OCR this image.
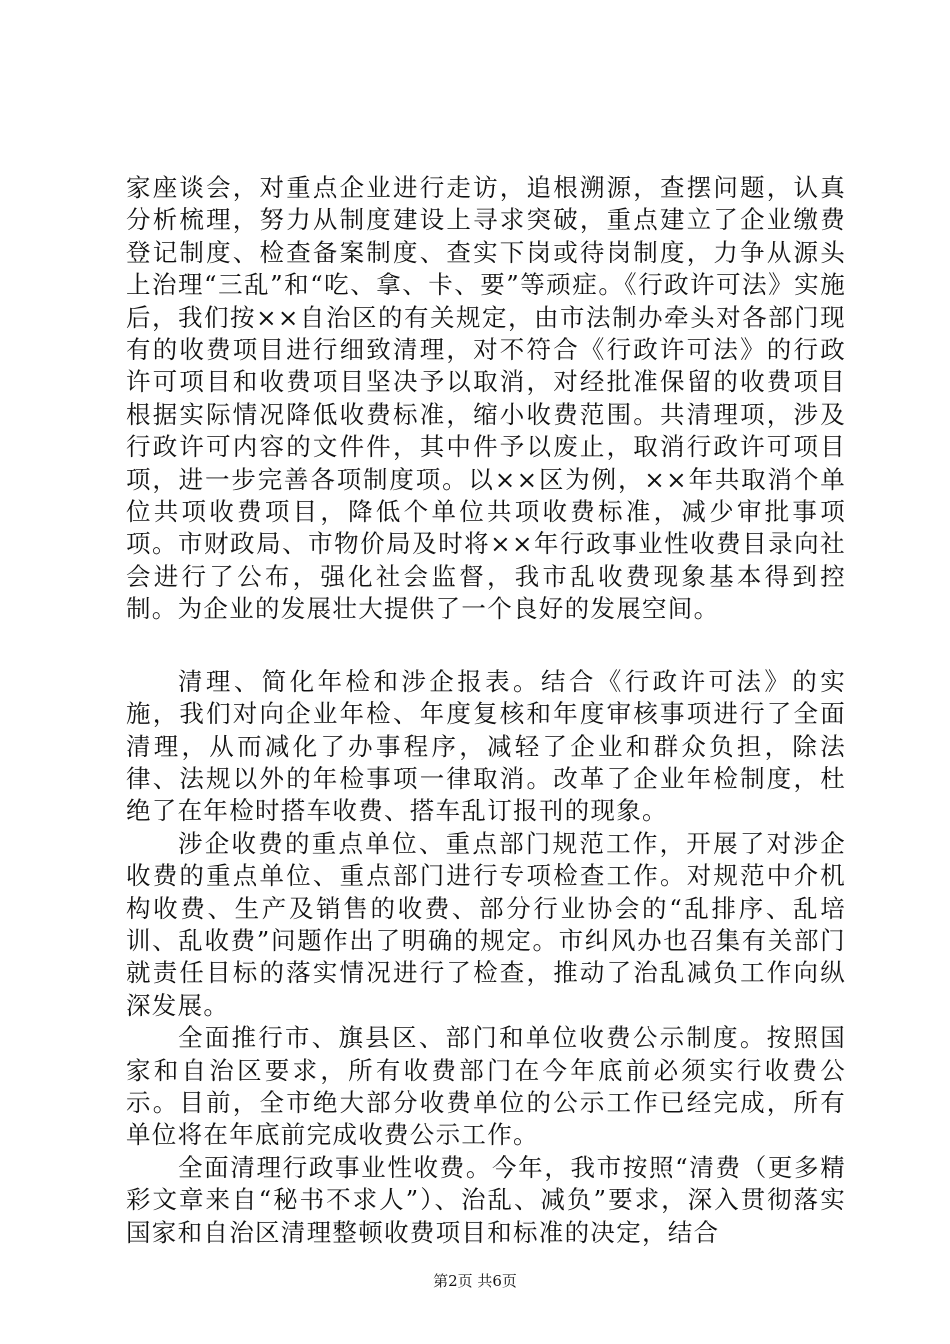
家座谈会，对重点企业进行走访，追根溯源，查摆问题，认真分析梳理，努力从制度建设上寻求突破，重点建立了企业缴费登记制度、检查备案制度、查实下岗或待岗制度，力争从源头上治理“三乱”和“吃、拿、卡、要”等顽症。《行政许可法》实施后，我们按××自治区的有关规定，由市法制办牵头对各部门现有的收费项目进行细致清理，对不符合《行政许可法》的行政许可项目和收费项目坚决予以取消，对经批准保留的收费项目根据实际情况降低收费标准，缩小收费范围。共清理项，涉及行政许可内容的文件件，其中件予以废止，取消行政许可项目项，进一步完善各项制度项。以××区为例，××年共取消个单位共项收费项目，降低个单位共项收费标准，减少审批事项项。市财政局、市物价局及时将××年行政事业性收费目录向社会进行了公布，强化社会监督，我市乱收费现象基本得到控制。为企业的发展壮大提供了一个良好的发展空间。

清理、简化年检和涉企报表。结合《行政许可法》的实施，我们对向企业年检、年度复核和年度审核事项进行了全面清理，从而减化了办事程序，减轻了企业和群众负担，除法律、法规以外的年检事项一律取消。改革了企业年检制度，杜绝了在年检时搭车收费、搭车乱订报刊的现象。

涉企收费的重点单位、重点部门规范工作，开展了对涉企收费的重点单位、重点部门进行专项检查工作。对规范中介机构收费、生产及销售的收费、部分行业协会的“乱排序、乱培训、乱收费”问题作出了明确的规定。市纠风办也召集有关部门就责任目标的落实情况进行了检查，推动了治乱减负工作向纵深发展。

全面推行市、旗县区、部门和单位收费公示制度。按照国家和自治区要求，所有收费部门在今年底前必须实行收费公示。目前，全市绝大部分收费单位的公示工作已经完成，所有单位将在年底前完成收费公示工作。

全面清理行政事业性收费。今年，我市按照“清费（更多精彩文章来自“秘书不求人”）、治乱、减负”要求，深入贯彻落实国家和自治区清理整顿收费项目和标准的决定，结合

第2页 共6页
